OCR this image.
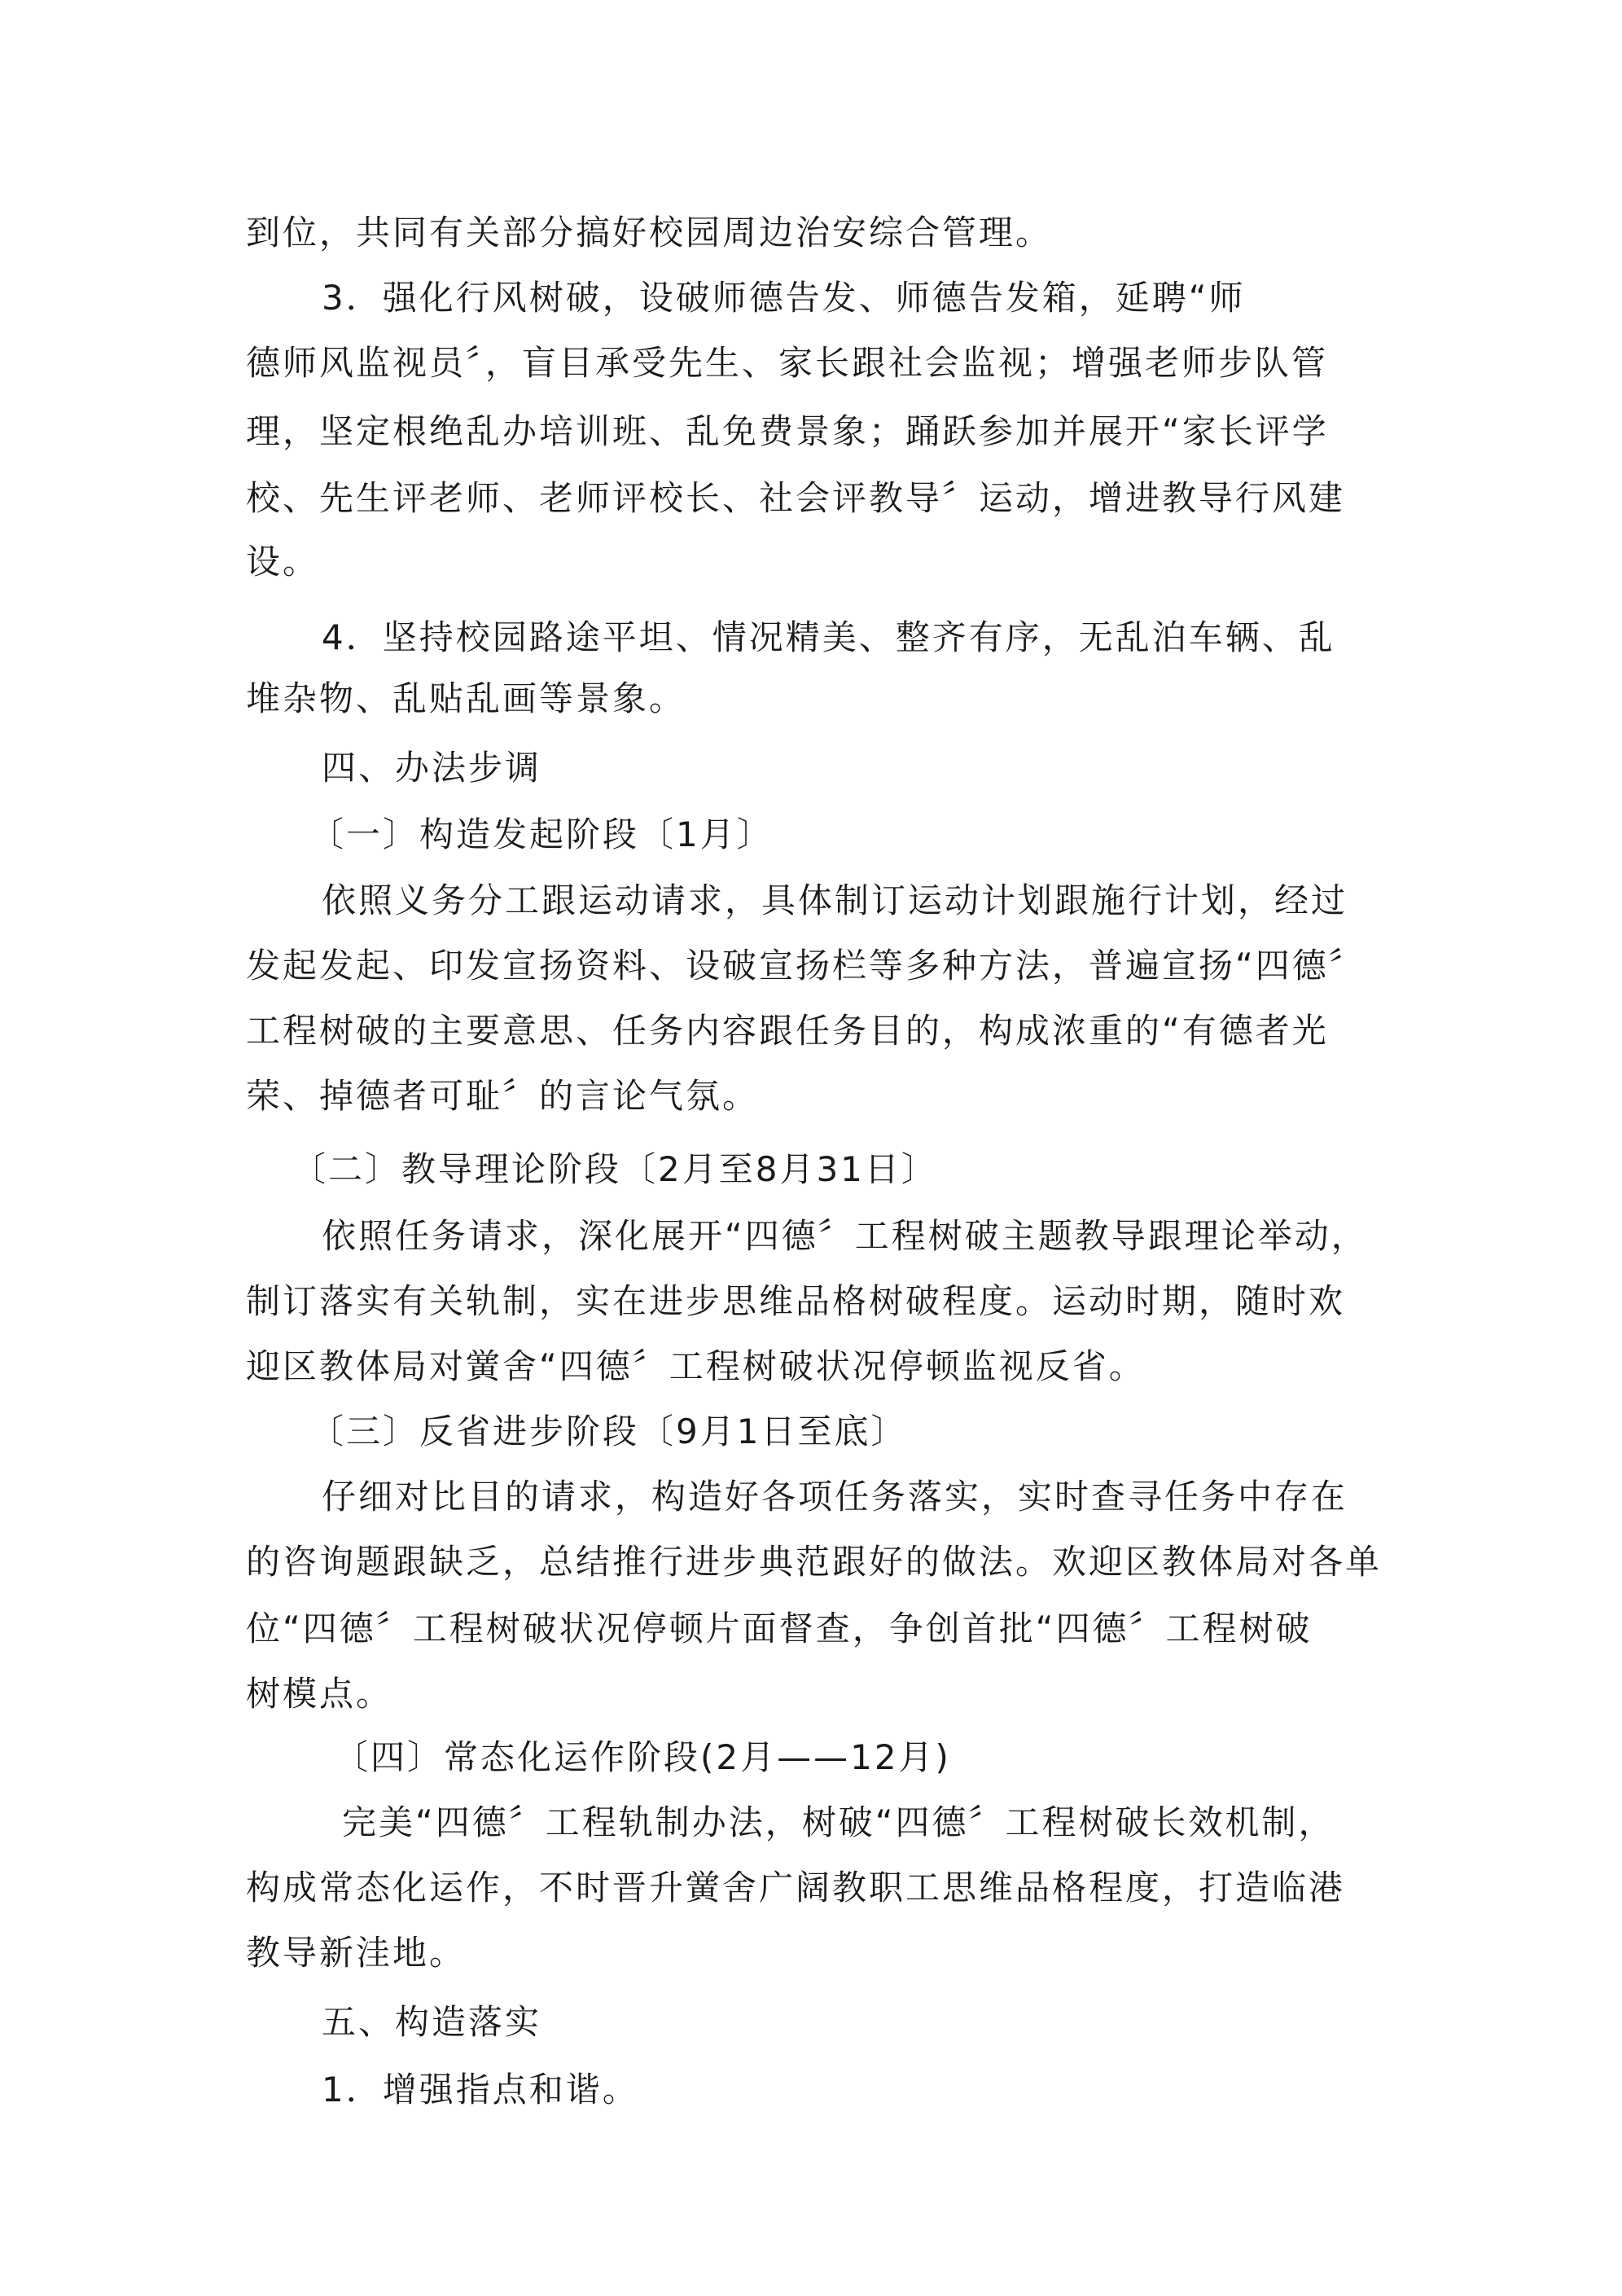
到位，共同有关部分搞好校园周边治安综合管理。
3．强化行风树破，设破师德告发、师德告发箱，延聘“师
德师风监视员〞，盲目承受先生、家长跟社会监视；增强老师步队管
理，坚定根绝乱办培训班、乱免费景象；踊跃参加并展开“家长评学
校、先生评老师、老师评校长、社会评教导〞运动，增进教导行风建
设。
4．坚持校园路途平坦、情况精美、整齐有序，无乱泊车辆、乱
堆杂物、乱贴乱画等景象。
四、办法步调
〔一〕构造发起阶段〔1月〕
依照义务分工跟运动请求，具体制订运动计划跟施行计划，经过
发起发起、印发宣扬资料、设破宣扬栏等多种方法，普遍宣扬“四德〞
工程树破的主要意思、任务内容跟任务目的，构成浓重的“有德者光
荣、掉德者可耻〞的言论气氛。
〔二〕教导理论阶段〔2月至8月31日〕
依照任务请求，深化展开“四德〞工程树破主题教导跟理论举动，
制订落实有关轨制，实在进步思维品格树破程度。运动时期，随时欢
迎区教体局对黉舍“四德〞工程树破状况停顿监视反省。
〔三〕反省进步阶段〔9月1日至底〕
仔细对比目的请求，构造好各项任务落实，实时查寻任务中存在
的咨询题跟缺乏，总结推行进步典范跟好的做法。欢迎区教体局对各单
位“四德〞工程树破状况停顿片面督查，争创首批“四德〞工程树破
树模点。
〔四〕常态化运作阶段(2月——12月)
完美“四德〞工程轨制办法，树破“四德〞工程树破长效机制，
构成常态化运作，不时晋升黉舍广阔教职工思维品格程度，打造临港
教导新洼地。
五、构造落实
1．增强指点和谐。
